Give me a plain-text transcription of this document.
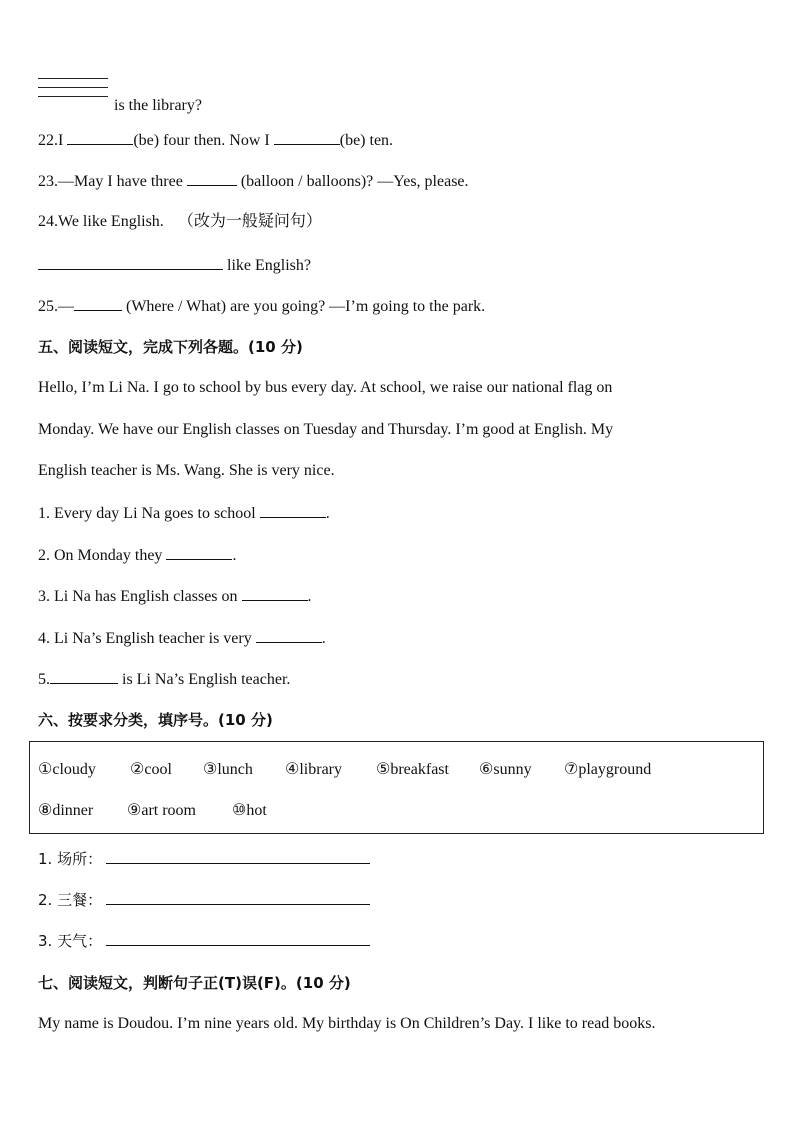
is the library?
22.I	(be) four then. Now I	(be) ten.
23.—May I have three	(balloon / balloons)? —Yes, please.
24.We like English. （改为一般疑问句）
like English?
25.—	(Where / What) are you going? —I’m going to the park.
五、阅读短文，完成下列各题。(10 分)
Hello, I’m Li Na. I go to school by bus every day. At school, we raise our national flag on
Monday. We have our English classes on Tuesday and Thursday. I’m good at English. My
English teacher is Ms. Wang. She is very nice.
1. Every day Li Na goes to school	.
2. On Monday they	.
3. Li Na has English classes on	.
4. Li Na’s English teacher is very	.
5.	is Li Na’s English teacher.
六、按要求分类，填序号。(10 分)
①cloudy ②cool ③lunch ④library ⑤breakfast ⑥sunny ⑦playground
⑧dinner ⑨art room ⑩hot
1. 场所：
2. 三餐：
3. 天气：
七、阅读短文，判断句子正(T)误(F)。(10 分)
My name is Doudou. I’m nine years old. My birthday is On Children’s Day. I like to read books.
